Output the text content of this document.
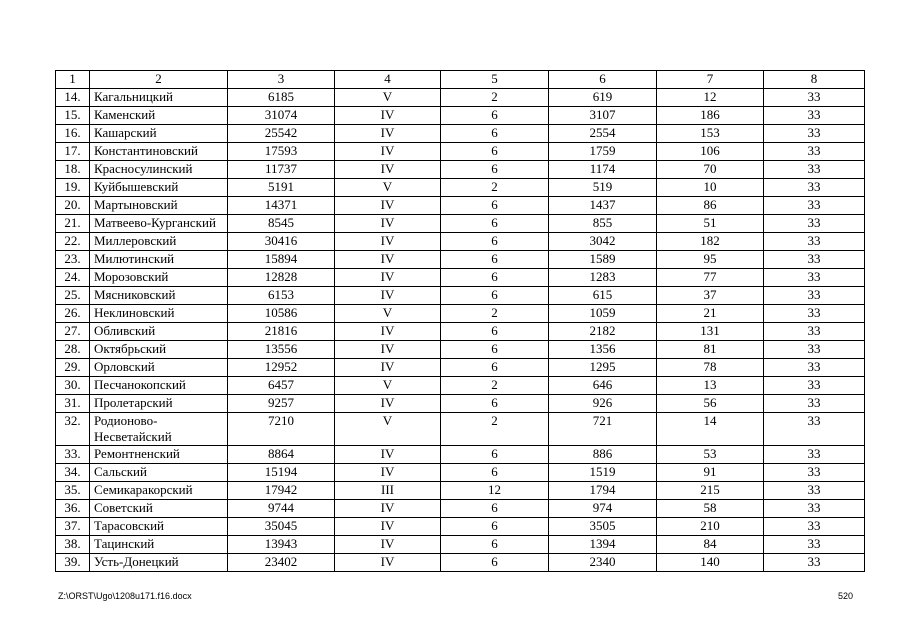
1	2	3	4	5	6	7	8
14.	Кагальницкий	6185	V	2	619	12	33
15.	Каменский	31074	IV	6	3107	186	33
16.	Кашарский	25542	IV	6	2554	153	33
17.	Константиновский	17593	IV	6	1759	106	33
18.	Красносулинский	11737	IV	6	1174	70	33
19.	Куйбышевский	5191	V	2	519	10	33
20.	Мартыновский	14371	IV	6	1437	86	33
21.	Матвеево-Курганский	8545	IV	6	855	51	33
22.	Миллеровский	30416	IV	6	3042	182	33
23.	Милютинский	15894	IV	6	1589	95	33
24.	Морозовский	12828	IV	6	1283	77	33
25.	Мясниковский	6153	IV	6	615	37	33
26.	Неклиновский	10586	V	2	1059	21	33
27.	Обливский	21816	IV	6	2182	131	33
28.	Октябрьский	13556	IV	6	1356	81	33
29.	Орловский	12952	IV	6	1295	78	33
30.	Песчанокопский	6457	V	2	646	13	33
31.	Пролетарский	9257	IV	6	926	56	33
32.	Родионово-Несветайский	7210	V	2	721	14	33
33.	Ремонтненский	8864	IV	6	886	53	33
34.	Сальский	15194	IV	6	1519	91	33
35.	Семикаракорский	17942	III	12	1794	215	33
36.	Советский	9744	IV	6	974	58	33
37.	Тарасовский	35045	IV	6	3505	210	33
38.	Тацинский	13943	IV	6	1394	84	33
39.	Усть-Донецкий	23402	IV	6	2340	140	33
Z:\ORST\Ugo\1208u171.f16.docx	520
